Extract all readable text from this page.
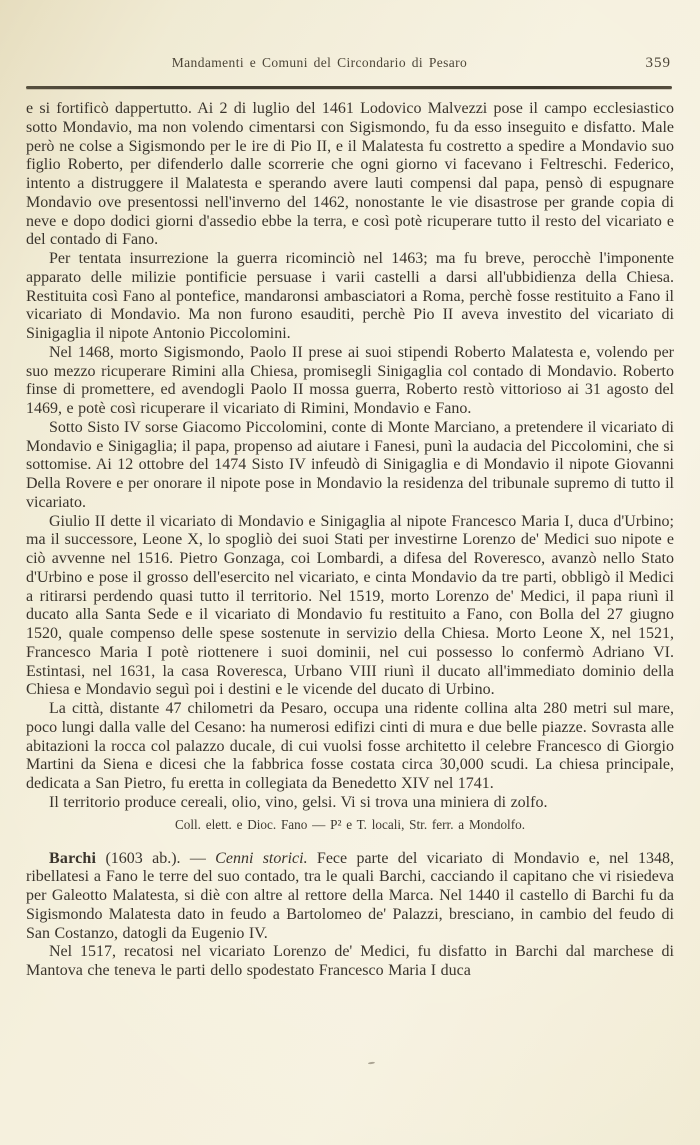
Mandamenti e Comuni del Circondario di Pesaro	359

e si fortificò dappertutto. Ai 2 di luglio del 1461 Lodovico Malvezzi pose il campo ecclesiastico sotto Mondavio, ma non volendo cimentarsi con Sigismondo, fu da esso inseguito e disfatto. Male però ne colse a Sigismondo per le ire di Pio II, e il Malatesta fu costretto a spedire a Mondavio suo figlio Roberto, per difenderlo dalle scorrerie che ogni giorno vi facevano i Feltreschi. Federico, intento a distruggere il Malatesta e sperando avere lauti compensi dal papa, pensò di espugnare Mondavio ove presentossi nell'inverno del 1462, nonostante le vie disastrose per grande copia di neve e dopo dodici giorni d'assedio ebbe la terra, e così potè ricuperare tutto il resto del vicariato e del contado di Fano.

Per tentata insurrezione la guerra ricominciò nel 1463; ma fu breve, perocchè l'imponente apparato delle milizie pontificie persuase i varii castelli a darsi all'ubbidienza della Chiesa. Restituita così Fano al pontefice, mandaronsi ambasciatori a Roma, perchè fosse restituito a Fano il vicariato di Mondavio. Ma non furono esauditi, perchè Pio II aveva investito del vicariato di Sinigaglia il nipote Antonio Piccolomini.

Nel 1468, morto Sigismondo, Paolo II prese ai suoi stipendi Roberto Malatesta e, volendo per suo mezzo ricuperare Rimini alla Chiesa, promisegli Sinigaglia col contado di Mondavio. Roberto finse di promettere, ed avendogli Paolo II mossa guerra, Roberto restò vittorioso ai 31 agosto del 1469, e potè così ricuperare il vicariato di Rimini, Mondavio e Fano.

Sotto Sisto IV sorse Giacomo Piccolomini, conte di Monte Marciano, a pretendere il vicariato di Mondavio e Sinigaglia; il papa, propenso ad aiutare i Fanesi, punì la audacia del Piccolomini, che si sottomise. Ai 12 ottobre del 1474 Sisto IV infeudò di Sinigaglia e di Mondavio il nipote Giovanni Della Rovere e per onorare il nipote pose in Mondavio la residenza del tribunale supremo di tutto il vicariato.

Giulio II dette il vicariato di Mondavio e Sinigaglia al nipote Francesco Maria I, duca d'Urbino; ma il successore, Leone X, lo spogliò dei suoi Stati per investirne Lorenzo de' Medici suo nipote e ciò avvenne nel 1516. Pietro Gonzaga, coi Lombardi, a difesa del Roveresco, avanzò nello Stato d'Urbino e pose il grosso dell'esercito nel vicariato, e cinta Mondavio da tre parti, obbligò il Medici a ritirarsi perdendo quasi tutto il territorio. Nel 1519, morto Lorenzo de' Medici, il papa riunì il ducato alla Santa Sede e il vicariato di Mondavio fu restituito a Fano, con Bolla del 27 giugno 1520, quale compenso delle spese sostenute in servizio della Chiesa. Morto Leone X, nel 1521, Francesco Maria I potè riottenere i suoi dominii, nel cui possesso lo confermò Adriano VI. Estintasi, nel 1631, la casa Roveresca, Urbano VIII riunì il ducato all'immediato dominio della Chiesa e Mondavio seguì poi i destini e le vicende del ducato di Urbino.

La città, distante 47 chilometri da Pesaro, occupa una ridente collina alta 280 metri sul mare, poco lungi dalla valle del Cesano: ha numerosi edifizi cinti di mura e due belle piazze. Sovrasta alle abitazioni la rocca col palazzo ducale, di cui vuolsi fosse architetto il celebre Francesco di Giorgio Martini da Siena e dicesi che la fabbrica fosse costata circa 30,000 scudi. La chiesa principale, dedicata a San Pietro, fu eretta in collegiata da Benedetto XIV nel 1741.

Il territorio produce cereali, olio, vino, gelsi. Vi si trova una miniera di zolfo.

Coll. elett. e Dioc. Fano — P² e T. locali, Str. ferr. a Mondolfo.

Barchi (1603 ab.). — Cenni storici. Fece parte del vicariato di Mondavio e, nel 1348, ribellatesi a Fano le terre del suo contado, tra le quali Barchi, cacciando il capitano che vi risiedeva per Galeotto Malatesta, si diè con altre al rettore della Marca. Nel 1440 il castello di Barchi fu da Sigismondo Malatesta dato in feudo a Bartolomeo de' Palazzi, bresciano, in cambio del feudo di San Costanzo, datogli da Eugenio IV.

Nel 1517, recatosi nel vicariato Lorenzo de' Medici, fu disfatto in Barchi dal marchese di Mantova che teneva le parti dello spodestato Francesco Maria I duca
